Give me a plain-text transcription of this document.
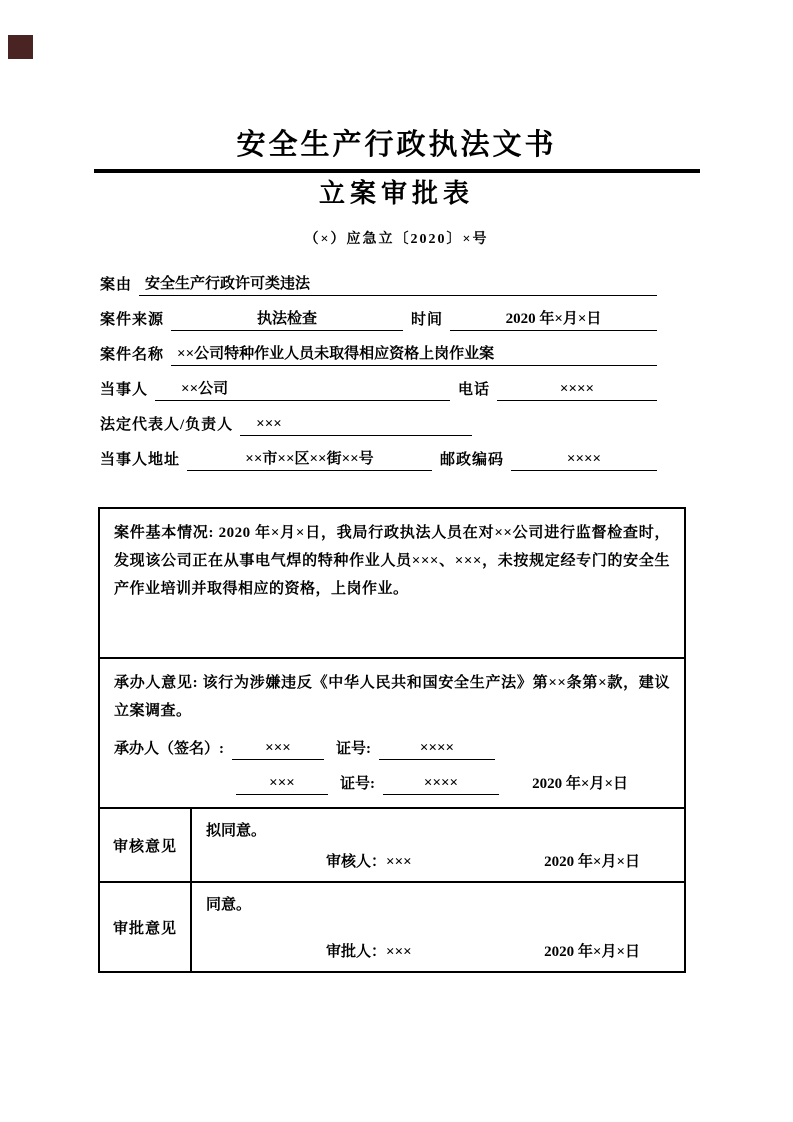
安全生产行政执法文书
立案审批表
（×）应急立〔2020〕×号
案由 安全生产行政许可类违法
案件来源	执法检查	时间	2020 年×月×日
案件名称 ××公司特种作业人员未取得相应资格上岗作业案
当事人	××公司	电话	××××
法定代表人/负责人	×××
当事人地址	××市××区××街××号	邮政编码	××××

案件基本情况: 2020 年×月×日，我局行政执法人员在对××公司进行监督检查时，发现该公司正在从事电气焊的特种作业人员×××、×××，未按规定经专门的安全生产作业培训并取得相应的资格，上岗作业。

承办人意见: 该行为涉嫌违反《中华人民共和国安全生产法》第××条第×款，建议立案调查。

承办人（签名）:	×××	证号:	××××
×××	证号:	××××	2020 年×月×日
审核意见
拟同意。
审核人：×××	2020 年×月×日
审批意见
同意。
审批人：×××	2020 年×月×日
